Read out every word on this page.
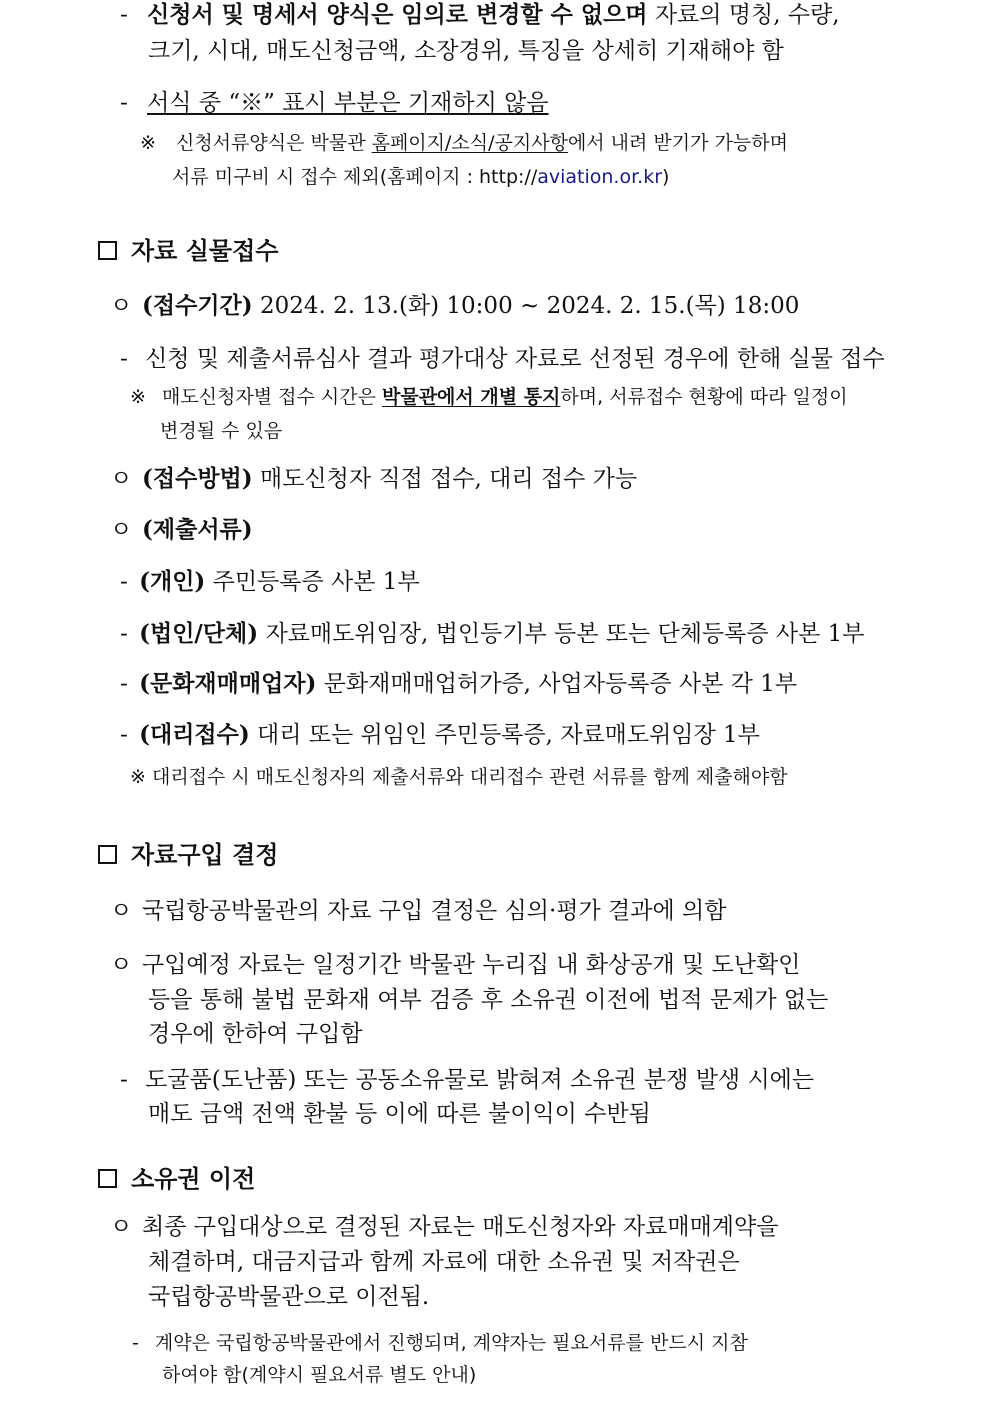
- 신청서 및 명세서 양식은 임의로 변경할 수 없으며 자료의 명칭, 수량,
크기, 시대, 매도신청금액, 소장경위, 특징을 상세히 기재해야 함
- 서식 중 “※” 표시 부분은 기재하지 않음
※ 신청서류양식은 박물관 홈페이지/소식/공지사항에서 내려 받기가 가능하며
서류 미구비 시 접수 제외(홈페이지 : http://aviation.or.kr)
자료 실물접수
ㅇ (접수기간) 2024. 2. 13.(화) 10:00 ~ 2024. 2. 15.(목) 18:00
- 신청 및 제출서류심사 결과 평가대상 자료로 선정된 경우에 한해 실물 접수
※ 매도신청자별 접수 시간은 박물관에서 개별 통지하며, 서류접수 현황에 따라 일정이
변경될 수 있음
ㅇ (접수방법) 매도신청자 직접 접수, 대리 접수 가능
ㅇ (제출서류)
- (개인) 주민등록증 사본 1부
- (법인/단체) 자료매도위임장, 법인등기부 등본 또는 단체등록증 사본 1부
- (문화재매매업자) 문화재매매업허가증, 사업자등록증 사본 각 1부
- (대리접수) 대리 또는 위임인 주민등록증, 자료매도위임장 1부
※ 대리접수 시 매도신청자의 제출서류와 대리접수 관련 서류를 함께 제출해야함
자료구입 결정
ㅇ 국립항공박물관의 자료 구입 결정은 심의·평가 결과에 의함
ㅇ 구입예정 자료는 일정기간 박물관 누리집 내 화상공개 및 도난확인
등을 통해 불법 문화재 여부 검증 후 소유권 이전에 법적 문제가 없는
경우에 한하여 구입함
- 도굴품(도난품) 또는 공동소유물로 밝혀져 소유권 분쟁 발생 시에는
매도 금액 전액 환불 등 이에 따른 불이익이 수반됨
소유권 이전
ㅇ 최종 구입대상으로 결정된 자료는 매도신청자와 자료매매계약을
체결하며, 대금지급과 함께 자료에 대한 소유권 및 저작권은
국립항공박물관으로 이전됨.
- 계약은 국립항공박물관에서 진행되며, 계약자는 필요서류를 반드시 지참
하여야 함(계약시 필요서류 별도 안내)
